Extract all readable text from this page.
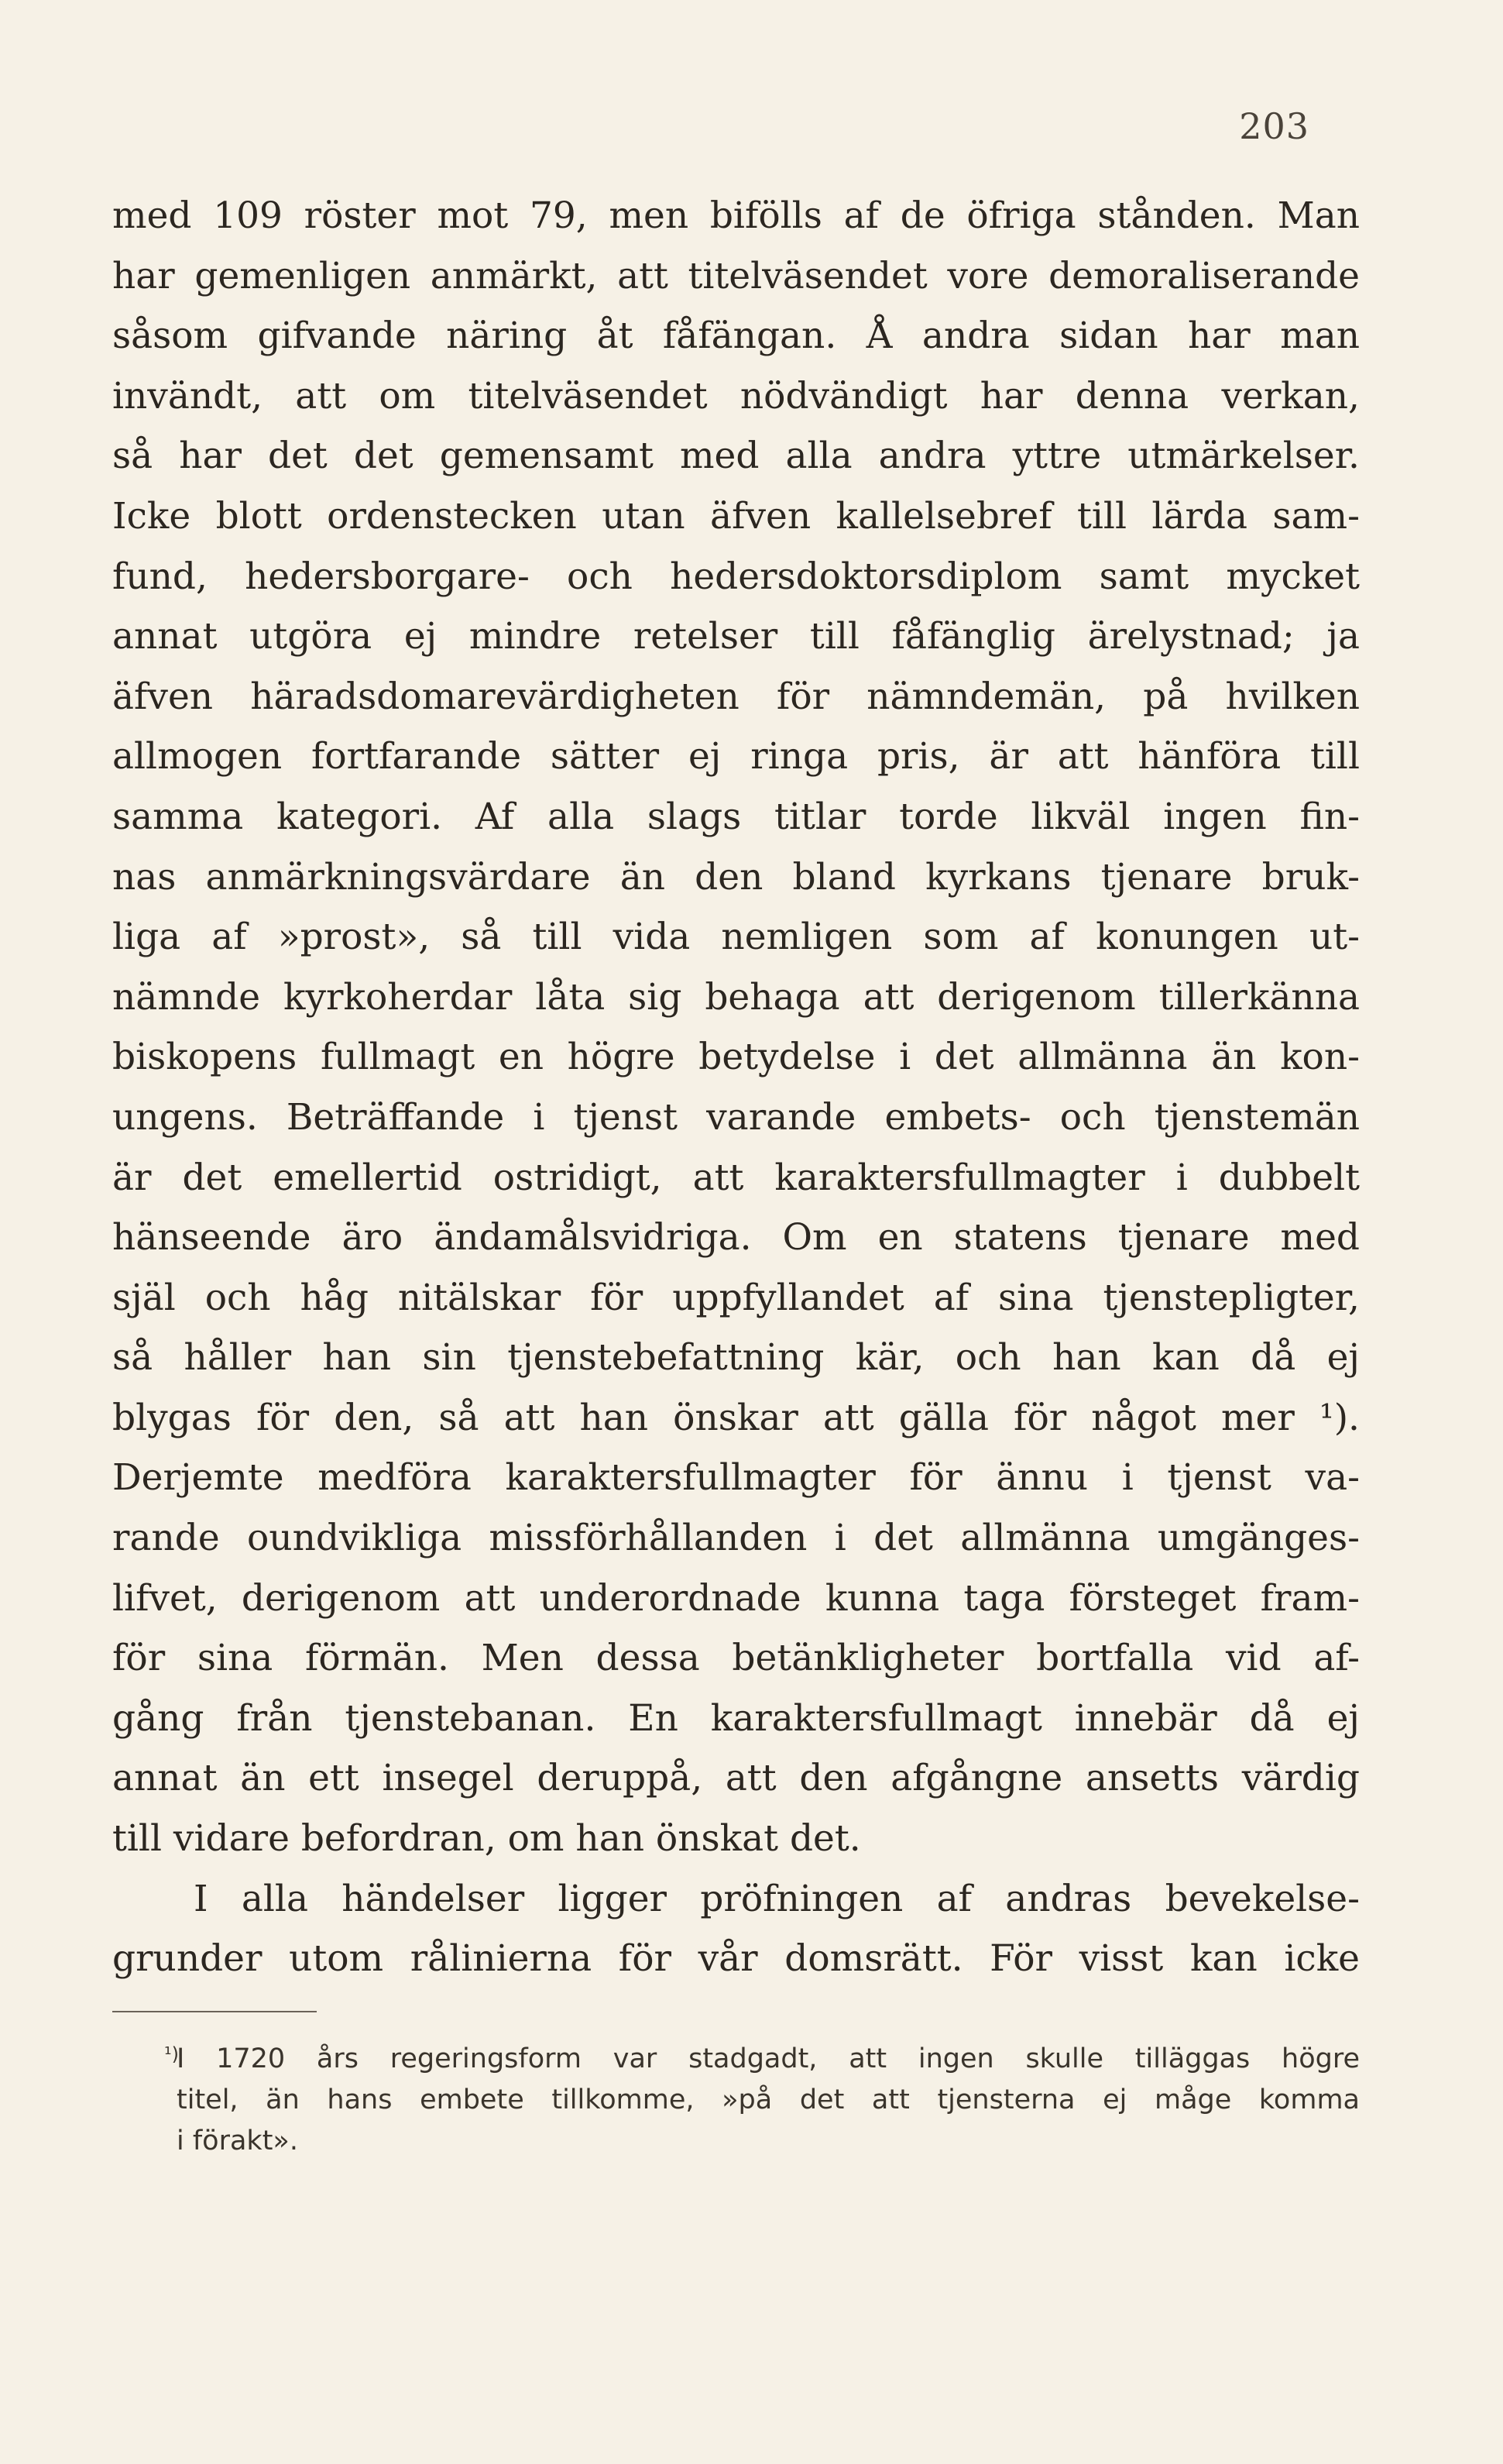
203
med 109 röster mot 79, men bifölls af de öfriga stånden. Man
har gemenligen anmärkt, att titelväsendet vore demoraliserande
såsom gifvande näring åt fåfängan. Å andra sidan har man
invändt, att om titelväsendet nödvändigt har denna verkan,
så har det det gemensamt med alla andra yttre utmärkelser.
Icke blott ordenstecken utan äfven kallelsebref till lärda sam-
fund, hedersborgare- och hedersdoktorsdiplom samt mycket
annat utgöra ej mindre retelser till fåfänglig ärelystnad; ja
äfven häradsdomarevärdigheten för nämndemän, på hvilken
allmogen fortfarande sätter ej ringa pris, är att hänföra till
samma kategori. Af alla slags titlar torde likväl ingen fin-
nas anmärkningsvärdare än den bland kyrkans tjenare bruk-
liga af »prost», så till vida nemligen som af konungen ut-
nämnde kyrkoherdar låta sig behaga att derigenom tillerkänna
biskopens fullmagt en högre betydelse i det allmänna än kon-
ungens. Beträffande i tjenst varande embets- och tjenstemän
är det emellertid ostridigt, att karaktersfullmagter i dubbelt
hänseende äro ändamålsvidriga. Om en statens tjenare med
själ och håg nitälskar för uppfyllandet af sina tjenstepligter,
så håller han sin tjenstebefattning kär, och han kan då ej
blygas för den, så att han önskar att gälla för något mer ¹).
Derjemte medföra karaktersfullmagter för ännu i tjenst va-
rande oundvikliga missförhållanden i det allmänna umgänges-
lifvet, derigenom att underordnade kunna taga försteget fram-
för sina förmän. Men dessa betänkligheter bortfalla vid af-
gång från tjenstebanan. En karaktersfullmagt innebär då ej
annat än ett insegel deruppå, att den afgångne ansetts värdig
till vidare befordran, om han önskat det.
I alla händelser ligger pröfningen af andras bevekelse-
grunder utom rålinierna för vår domsrätt. För visst kan icke
¹)
I 1720 års regeringsform var stadgadt, att ingen skulle tilläggas högre
titel, än hans embete tillkomme, »på det att tjensterna ej måge komma
i förakt».
